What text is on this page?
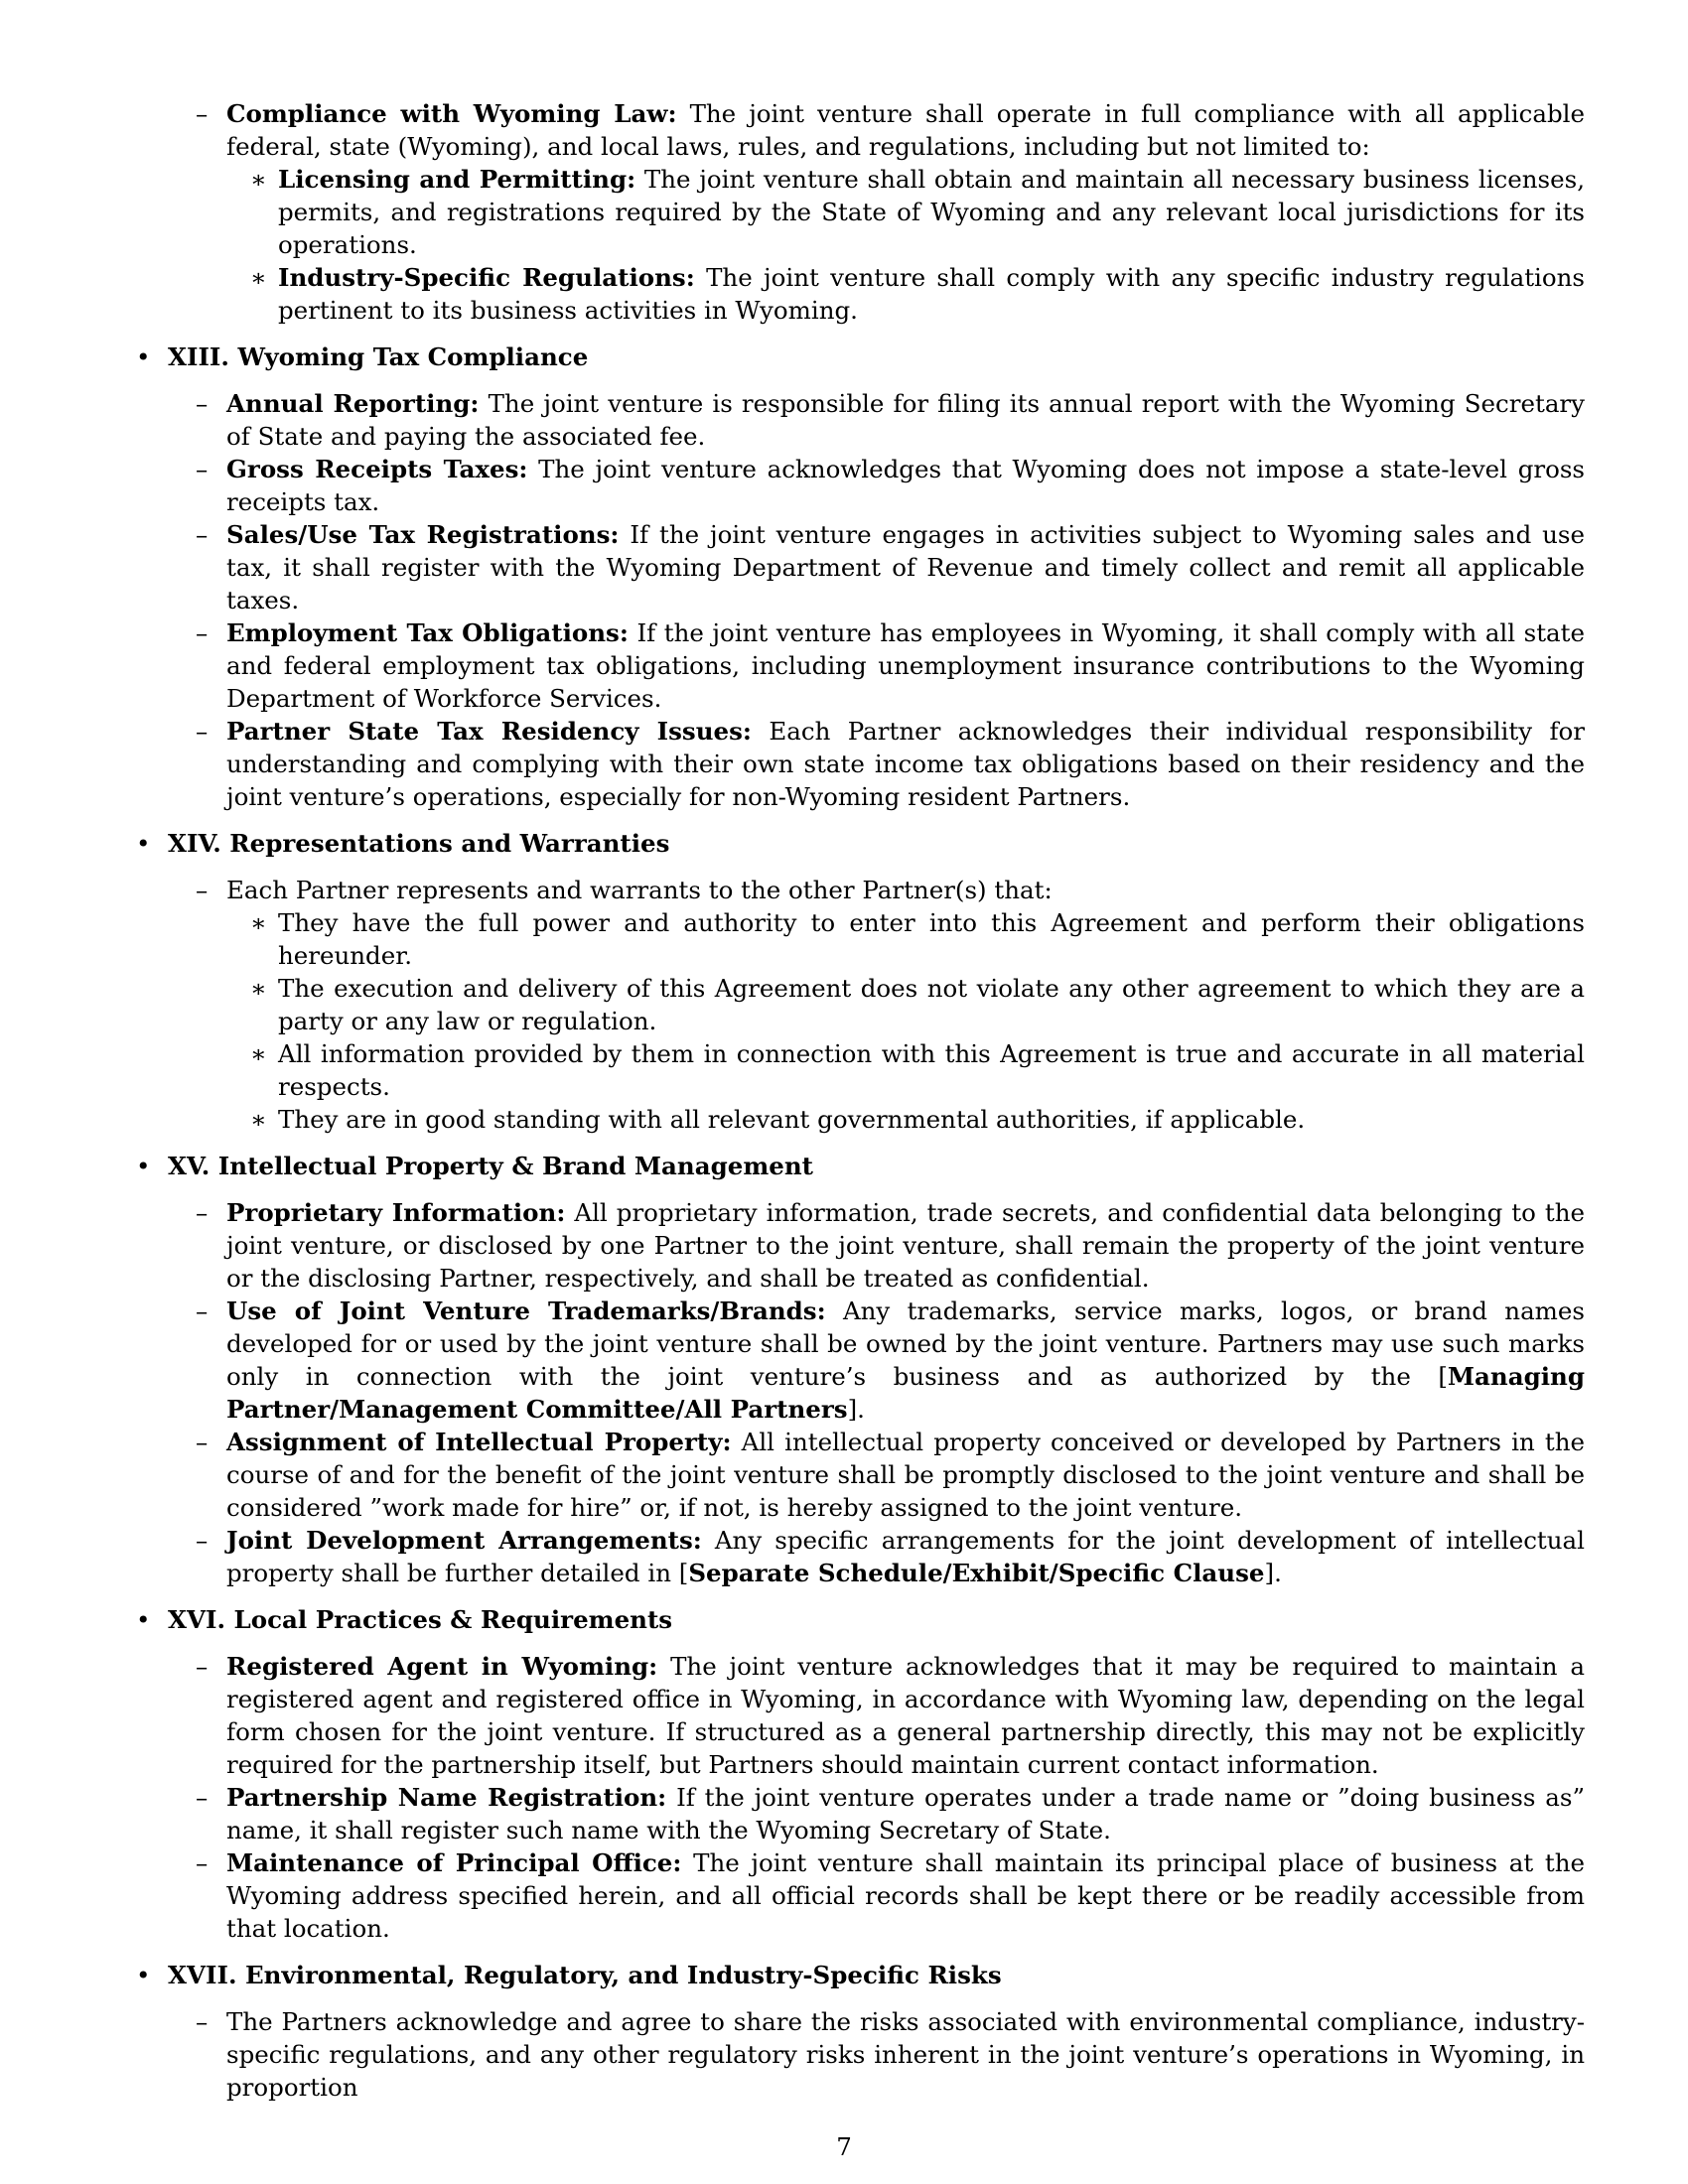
– Compliance with Wyoming Law: The joint venture shall operate in full compliance with all applicable federal, state (Wyoming), and local laws, rules, and regulations, including but not limited to:
∗ Licensing and Permitting: The joint venture shall obtain and maintain all necessary business licenses, permits, and registrations required by the State of Wyoming and any relevant local jurisdictions for its operations.
∗ Industry-Specific Regulations: The joint venture shall comply with any specific industry regulations pertinent to its business activities in Wyoming.
• XIII. Wyoming Tax Compliance
– Annual Reporting: The joint venture is responsible for filing its annual report with the Wyoming Secretary of State and paying the associated fee.
– Gross Receipts Taxes: The joint venture acknowledges that Wyoming does not impose a state-level gross receipts tax.
– Sales/Use Tax Registrations: If the joint venture engages in activities subject to Wyoming sales and use tax, it shall register with the Wyoming Department of Revenue and timely collect and remit all applicable taxes.
– Employment Tax Obligations: If the joint venture has employees in Wyoming, it shall comply with all state and federal employment tax obligations, including unemployment insurance contributions to the Wyoming Department of Workforce Services.
– Partner State Tax Residency Issues: Each Partner acknowledges their individual responsibility for understanding and complying with their own state income tax obligations based on their residency and the joint venture’s operations, especially for non-Wyoming resident Partners.
• XIV. Representations and Warranties
– Each Partner represents and warrants to the other Partner(s) that:
∗ They have the full power and authority to enter into this Agreement and perform their obligations hereunder.
∗ The execution and delivery of this Agreement does not violate any other agreement to which they are a party or any law or regulation.
∗ All information provided by them in connection with this Agreement is true and accurate in all material respects.
∗ They are in good standing with all relevant governmental authorities, if applicable.
• XV. Intellectual Property & Brand Management
– Proprietary Information: All proprietary information, trade secrets, and confidential data belonging to the joint venture, or disclosed by one Partner to the joint venture, shall remain the property of the joint venture or the disclosing Partner, respectively, and shall be treated as confidential.
– Use of Joint Venture Trademarks/Brands: Any trademarks, service marks, logos, or brand names developed for or used by the joint venture shall be owned by the joint venture. Partners may use such marks only in connection with the joint venture’s business and as authorized by the [Managing Partner/Management Committee/All Partners].
– Assignment of Intellectual Property: All intellectual property conceived or developed by Partners in the course of and for the benefit of the joint venture shall be promptly disclosed to the joint venture and shall be considered ”work made for hire” or, if not, is hereby assigned to the joint venture.
– Joint Development Arrangements: Any specific arrangements for the joint development of intellectual property shall be further detailed in [Separate Schedule/Exhibit/Specific Clause].
• XVI. Local Practices & Requirements
– Registered Agent in Wyoming: The joint venture acknowledges that it may be required to maintain a registered agent and registered office in Wyoming, in accordance with Wyoming law, depending on the legal form chosen for the joint venture. If structured as a general partnership directly, this may not be explicitly required for the partnership itself, but Partners should maintain current contact information.
– Partnership Name Registration: If the joint venture operates under a trade name or ”doing business as” name, it shall register such name with the Wyoming Secretary of State.
– Maintenance of Principal Office: The joint venture shall maintain its principal place of business at the Wyoming address specified herein, and all official records shall be kept there or be readily accessible from that location.
• XVII. Environmental, Regulatory, and Industry-Specific Risks
– The Partners acknowledge and agree to share the risks associated with environmental compliance, industry-specific regulations, and any other regulatory risks inherent in the joint venture’s operations in Wyoming, in proportion
7
